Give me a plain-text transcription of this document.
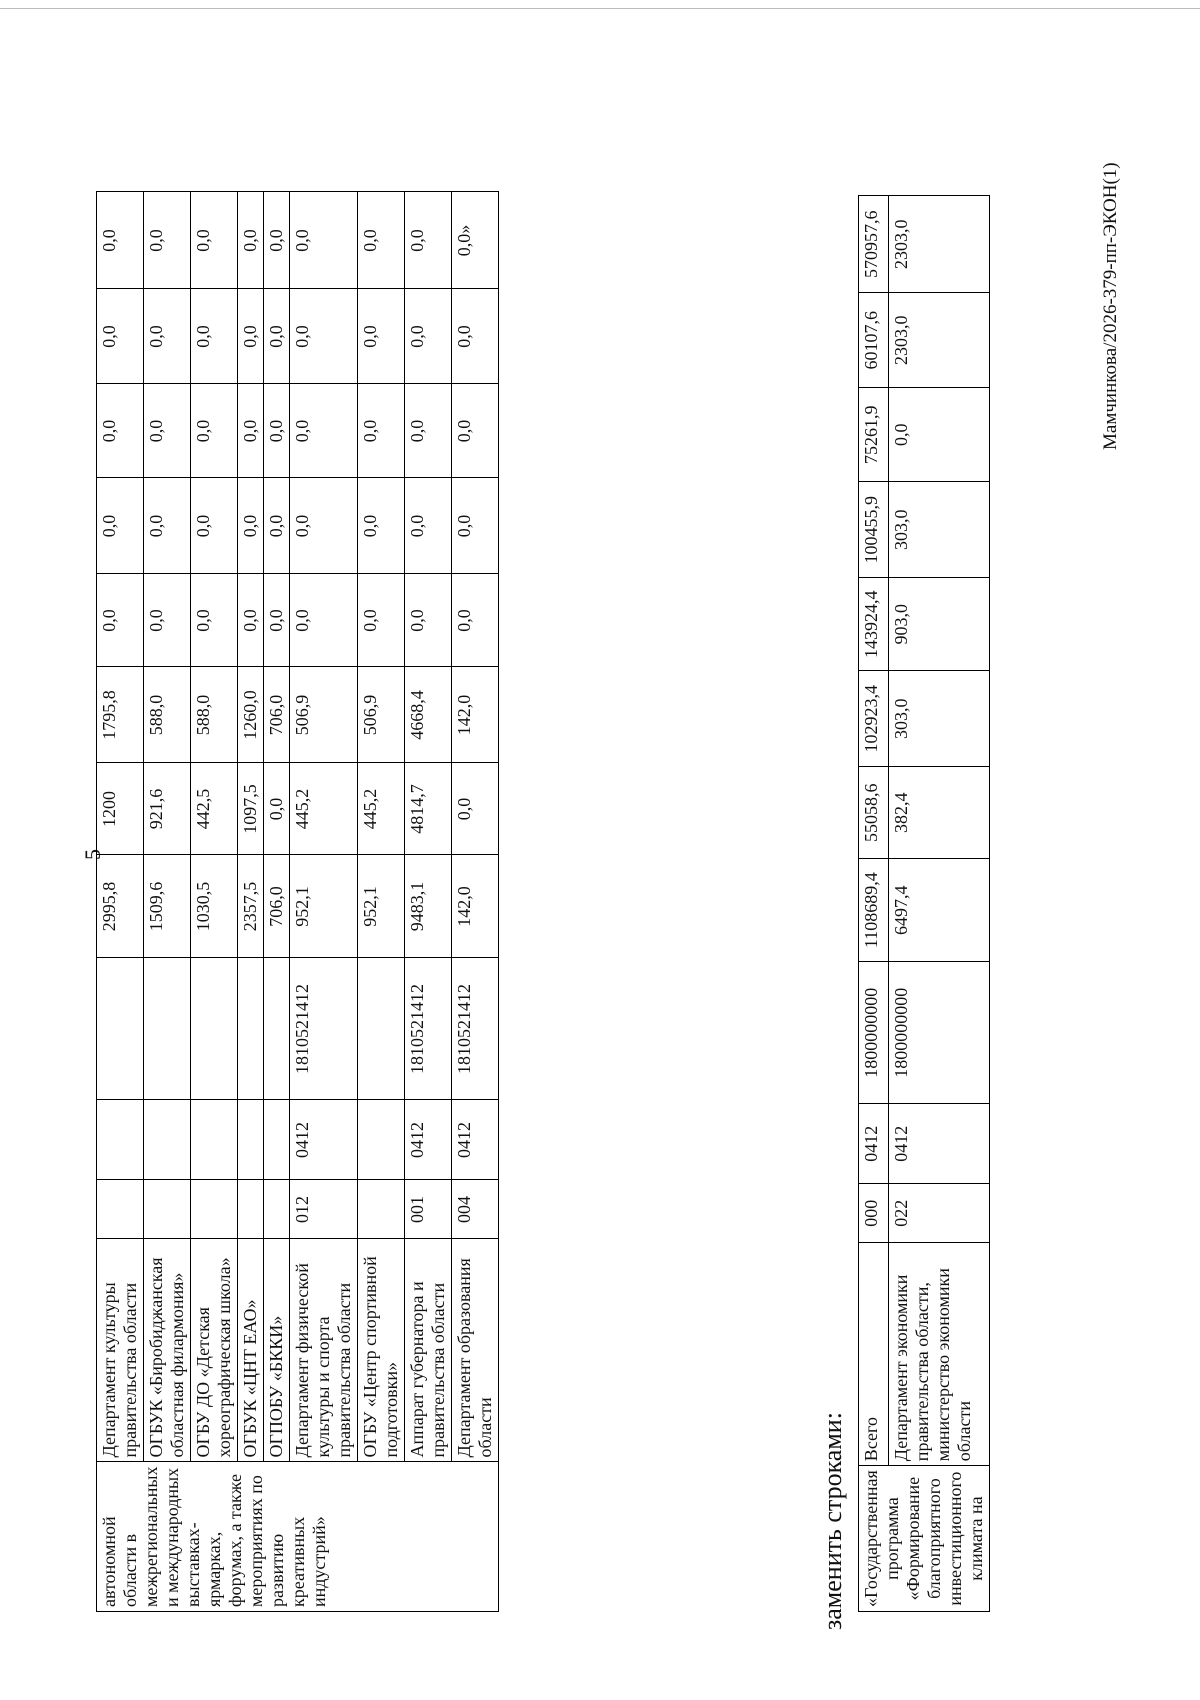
5
автономной области в межрегиональных и международных выставках-ярмарках, форумах, а также мероприятиях по развитию креативных индустрий»	Департамент культуры правительства области				2995,8	1200	1795,8	0,0	0,0	0,0	0,0	0,0
	ОГБУК «Биробиджанская областная филармония»				1509,6	921,6	588,0	0,0	0,0	0,0	0,0	0,0
	ОГБУ ДО «Детская хореографическая школа»				1030,5	442,5	588,0	0,0	0,0	0,0	0,0	0,0
	ОГБУК «ЦНТ ЕАО»				2357,5	1097,5	1260,0	0,0	0,0	0,0	0,0	0,0
	ОГПОБУ «БККИ»				706,0	0,0	706,0	0,0	0,0	0,0	0,0	0,0
	Департамент физической культуры и спорта правительства области	012	0412	1810521412	952,1	445,2	506,9	0,0	0,0	0,0	0,0	0,0
	ОГБУ «Центр спортивной подготовки»				952,1	445,2	506,9	0,0	0,0	0,0	0,0	0,0
	Аппарат губернатора и правительства области	001	0412	1810521412	9483,1	4814,7	4668,4	0,0	0,0	0,0	0,0	0,0
	Департамент образования области	004	0412	1810521412	142,0	0,0	142,0	0,0	0,0	0,0	0,0	0,0»
заменить строками: «Государственная программа «Формирование благоприятного инвестиционного климата на	Всего	000	0412	1800000000	1108689,4	55058,6	102923,4	143924,4	100455,9	75261,9	60107,6	570957,6
	Департамент экономики правительства области, министерство экономики области	022	0412	1800000000	6497,4	382,4	303,0	903,0	303,0	0,0	2303,0	2303,0	Мамчинкова/2026-379-пп-ЭКОН(1)
